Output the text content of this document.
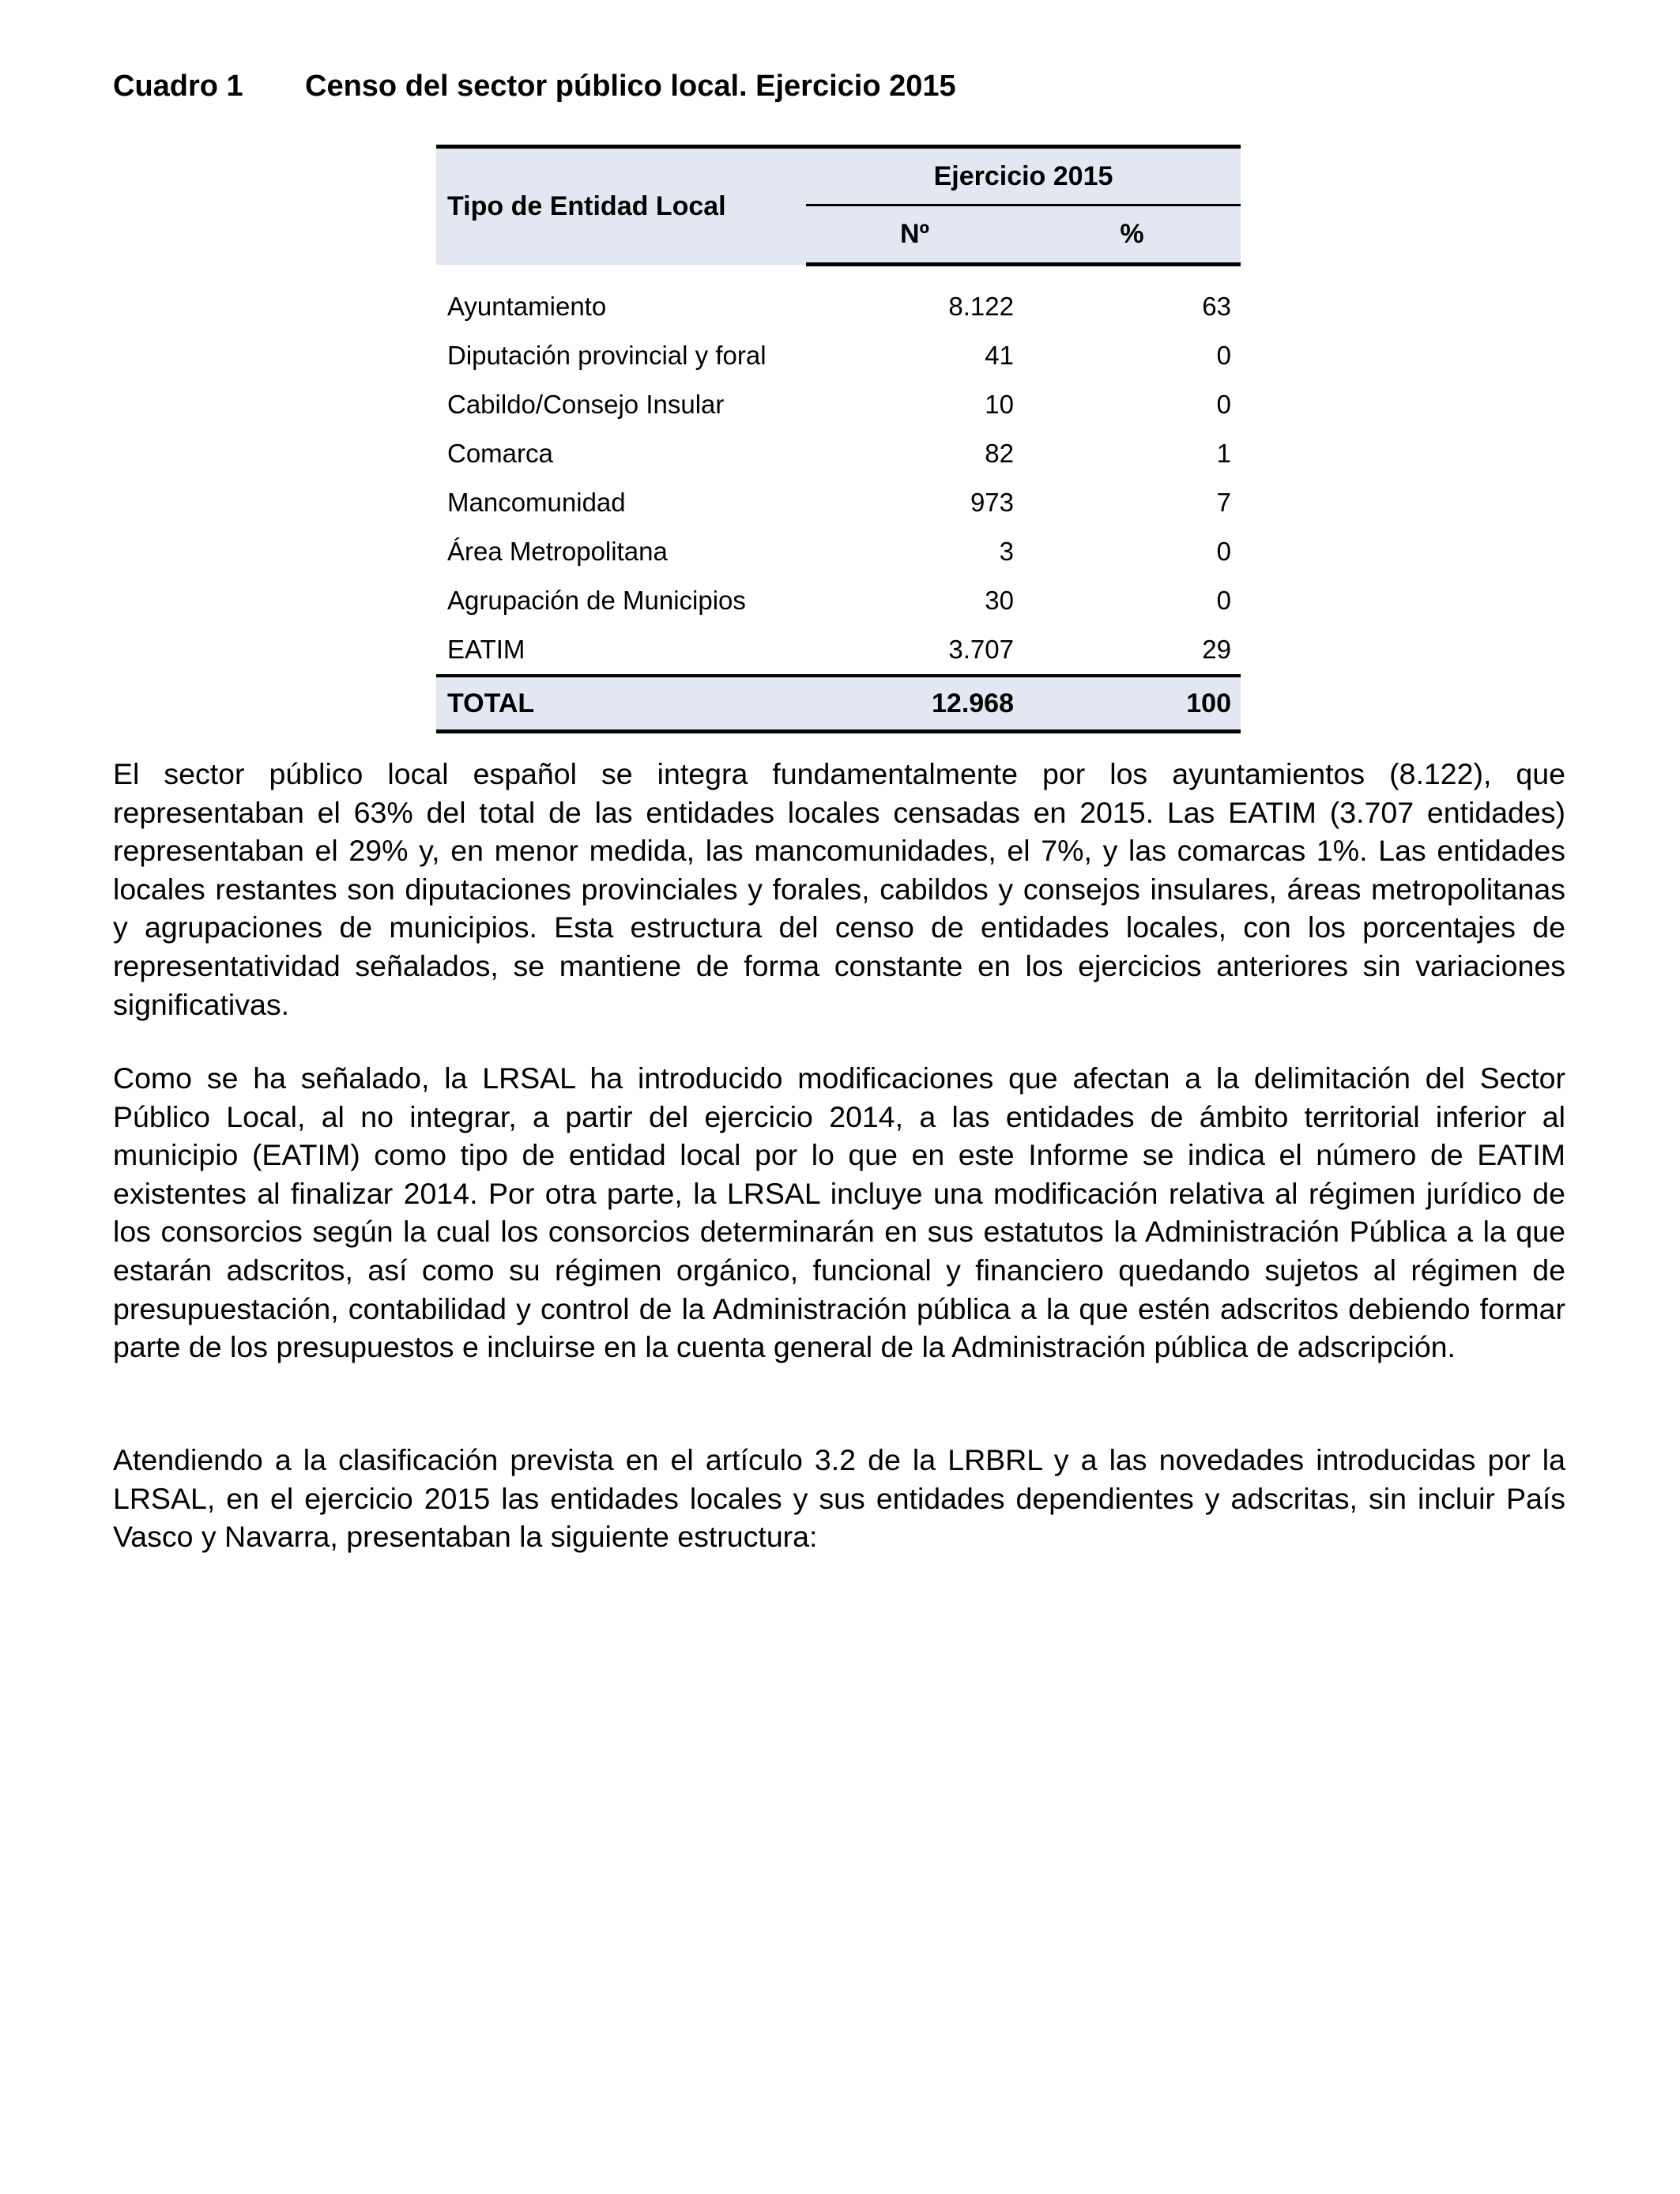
Cuadro 1 Censo del sector público local. Ejercicio 2015
Tipo de Entidad Local	Ejercicio 2015	
	Nº	%

Ayuntamiento	8.122	63
Diputación provincial y foral	41	0
Cabildo/Consejo Insular	10	0
Comarca	82	1
Mancomunidad	973	7
Área Metropolitana	3	0
Agrupación de Municipios	30	0
EATIM	3.707	29
TOTAL	12.968	100

El sector público local español se integra fundamentalmente por los ayuntamientos (8.122), que representaban el 63% del total de las entidades locales censadas en 2015. Las EATIM (3.707 entidades) representaban el 29% y, en menor medida, las mancomunidades, el 7%, y las comarcas 1%. Las entidades locales restantes son diputaciones provinciales y forales, cabildos y consejos insulares, áreas metropolitanas y agrupaciones de municipios. Esta estructura del censo de entidades locales, con los porcentajes de representatividad señalados, se mantiene de forma constante en los ejercicios anteriores sin variaciones significativas.

Como se ha señalado, la LRSAL ha introducido modificaciones que afectan a la delimitación del Sector Público Local, al no integrar, a partir del ejercicio 2014, a las entidades de ámbito territorial inferior al municipio (EATIM) como tipo de entidad local por lo que en este Informe se indica el número de EATIM existentes al finalizar 2014. Por otra parte, la LRSAL incluye una modificación relativa al régimen jurídico de los consorcios según la cual los consorcios determinarán en sus estatutos la Administración Pública a la que estarán adscritos, así como su régimen orgánico, funcional y financiero quedando sujetos al régimen de presupuestación, contabilidad y control de la Administración pública a la que estén adscritos debiendo formar parte de los presupuestos e incluirse en la cuenta general de la Administración pública de adscripción.

Atendiendo a la clasificación prevista en el artículo 3.2 de la LRBRL y a las novedades introducidas por la LRSAL, en el ejercicio 2015 las entidades locales y sus entidades dependientes y adscritas, sin incluir País Vasco y Navarra, presentaban la siguiente estructura:
